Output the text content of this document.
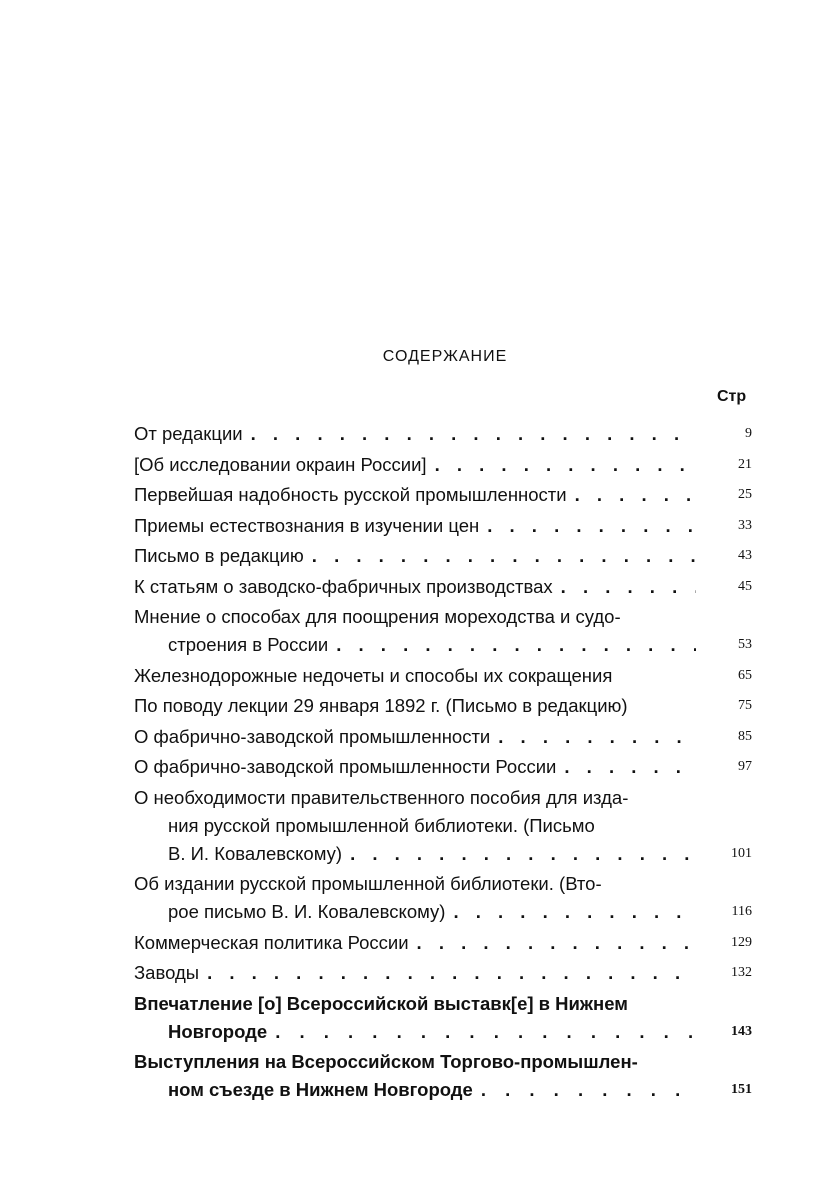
СОДЕРЖАНИЕ
Стр
От редакции . . .	9
[Об исследовании окраин России] . . .	21
Первейшая надобность русской промышленности . . .	25
Приемы естествознания в изучении цен . . .	33
Письмо в редакцию . . .	43
К статьям о заводско-фабричных производствах . . .	45
Мнение о способах для поощрения мореходства и судо-
строения в России . . .	53
Железнодорожные недочеты и способы их сокращения	65
По поводу лекции 29 января 1892 г. (Письмо в редакцию)	75
О фабрично-заводской промышленности . . .	85
О фабрично-заводской промышленности России . . .	97
О необходимости правительственного пособия для изда-
ния русской промышленной библиотеки. (Письмо
В. И. Ковалевскому) . . .	101
Об издании русской промышленной библиотеки. (Вто-
рое письмо В. И. Ковалевскому) . . .	116
Коммерческая политика России . . .	129
Заводы . . .	132
Впечатление [о] Всероссийской выставк[е] в Нижнем
Новгороде . . .	143
Выступления на Всероссийском Торгово-промышлен-
ном съезде в Нижнем Новгороде . . .	151
